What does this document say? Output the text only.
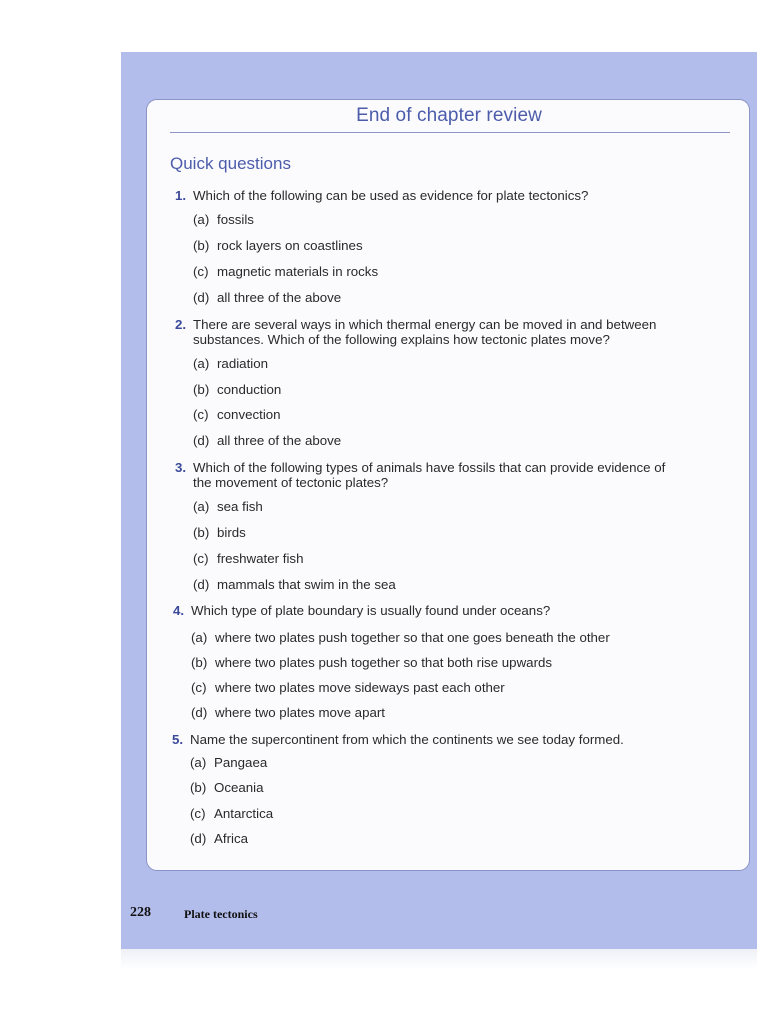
End of chapter review
Quick questions
1. Which of the following can be used as evidence for plate tectonics?
(a) fossils
(b) rock layers on coastlines
(c) magnetic materials in rocks
(d) all three of the above
2. There are several ways in which thermal energy can be moved in and between
substances. Which of the following explains how tectonic plates move?
(a) radiation
(b) conduction
(c) convection
(d) all three of the above
3. Which of the following types of animals have fossils that can provide evidence of
the movement of tectonic plates?
(a) sea fish
(b) birds
(c) freshwater fish
(d) mammals that swim in the sea
4. Which type of plate boundary is usually found under oceans?
(a) where two plates push together so that one goes beneath the other
(b) where two plates push together so that both rise upwards
(c) where two plates move sideways past each other
(d) where two plates move apart
5. Name the supercontinent from which the continents we see today formed.
(a) Pangaea
(b) Oceania
(c) Antarctica
(d) Africa
228	Plate tectonics
